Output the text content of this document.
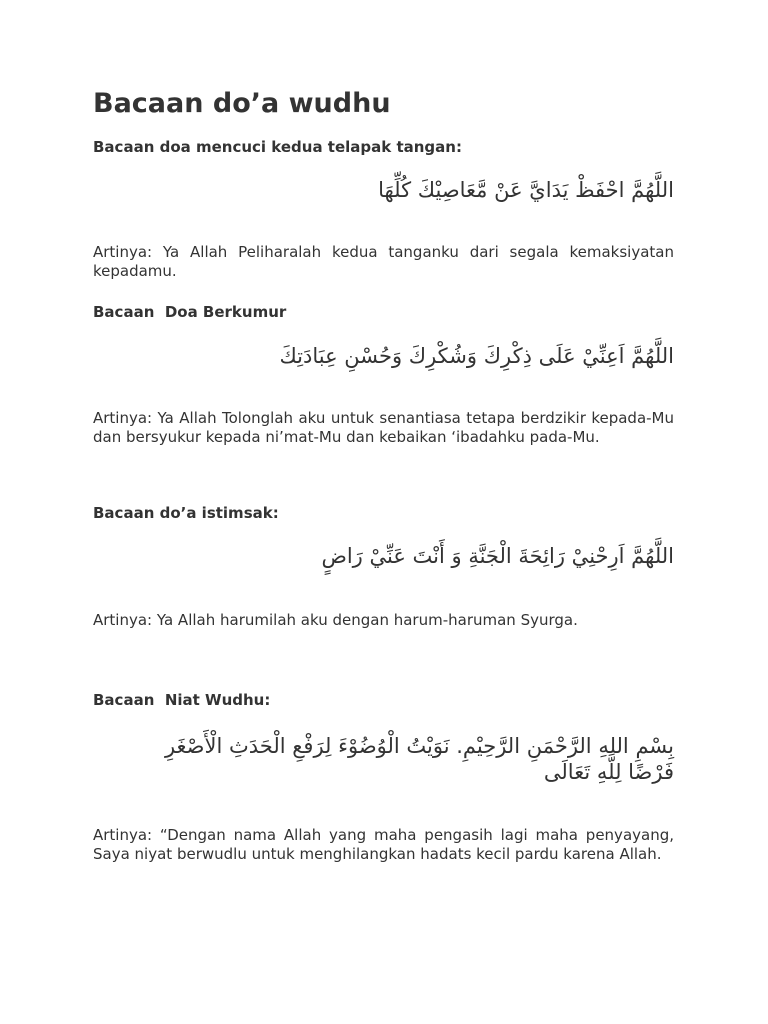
Bacaan do’a wudhu
Bacaan doa mencuci kedua telapak tangan:
اللَّهُمَّ احْفَظْ يَدَايَّ عَنْ مَّعَاصِيْكَ كُلِّهَا
Artinya: Ya Allah Peliharalah kedua tanganku dari segala kemaksiyatan kepadamu.
Bacaan  Doa Berkumur
اللَّهُمَّ اَعِنِّيْ عَلَى ذِكْرِكَ وَشُكْرِكَ وَحُسْنِ عِبَادَتِكَ
Artinya: Ya Allah Tolonglah aku untuk senantiasa tetapa berdzikir kepada-Mu dan bersyukur kepada ni’mat-Mu dan kebaikan ‘ibadahku pada-Mu.
Bacaan do’a istimsak:
اللَّهُمَّ اَرِحْنِيْ رَائِحَةَ الْجَنَّةِ وَ أَنْتَ عَنِّيْ رَاضٍ
Artinya: Ya Allah harumilah aku dengan harum-haruman Syurga.
Bacaan  Niat Wudhu:
بِسْمِ اللهِ الرَّحْمَنِ الرَّحِيْمِ. نَوَيْتُ الْوُضُوْءَ لِرَفْعِ الْحَدَثِ الْأَصْغَرِ فَرْضًا لِلَّهِ تَعَالَى
Artinya: “Dengan nama Allah yang maha pengasih lagi maha penyayang, Saya niyat berwudlu untuk menghilangkan hadats kecil pardu karena Allah.
